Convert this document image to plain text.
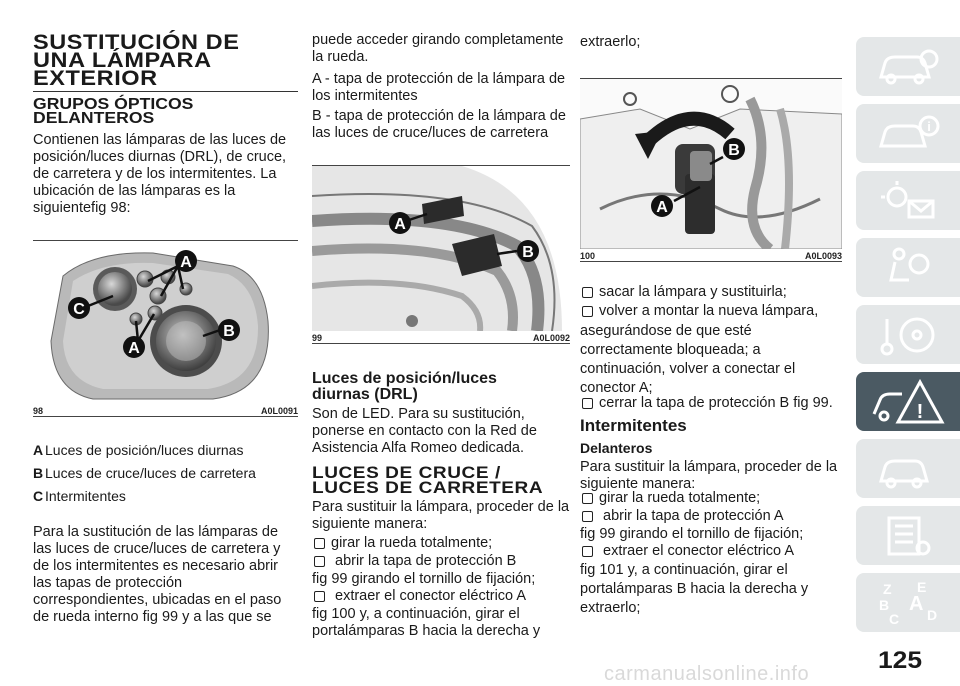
SUSTITUCIÓN DE
UNA LÁMPARA
EXTERIOR
GRUPOS ÓPTICOS
DELANTEROS

Contienen las lámparas de las luces de posición/luces diurnas (DRL), de cruce, de carretera y de los intermitentes. La ubicación de las lámparas es la siguientefig 98:

A
A
B
C
98	A0L0091
A Luces de posición/luces diurnas
B Luces de cruce/luces de carretera
C Intermitentes

Para la sustitución de las lámparas de las luces de cruce/luces de carretera y de los intermitentes es necesario abrir las tapas de protección correspondientes, ubicadas en el paso de rueda interno fig 99 y a las que se

puede acceder girando completamente la rueda.

A - tapa de protección de la lámpara de los intermitentes

B - tapa de protección de la lámpara de las luces de cruce/luces de carretera

A
B
99	A0L0092
Luces de posición/luces
diurnas (DRL)

Son de LED. Para su sustitución, ponerse en contacto con la Red de Asistencia Alfa Romeo dedicada.

LUCES DE CRUCE /
LUCES DE CARRETERA

Para sustituir la lámpara, proceder de la siguiente manera:

girar la rueda totalmente;

abrir la tapa de protección B

fig 99 girando el tornillo de fijación;

extraer el conector eléctrico A

fig 100 y, a continuación, girar el portalámparas B hacia la derecha y

extraerlo;

A
B
100	A0L0093

sacar la lámpara y sustituirla;

volver a montar la nueva lámpara,

asegurándose de que esté correctamente bloqueada; a continuación, volver a conectar el conector A;

cerrar la tapa de protección B fig 99.

Intermitentes
Delanteros

Para sustituir la lámpara, proceder de la siguiente manera:

girar la rueda totalmente;

abrir la tapa de protección A

fig 99 girando el tornillo de fijación;

extraer el conector eléctrico A

fig 101 y, a continuación, girar el portalámparas B hacia la derecha y extraerlo;

i
!
Z E
B A
C D
125
carmanualsonline.info
